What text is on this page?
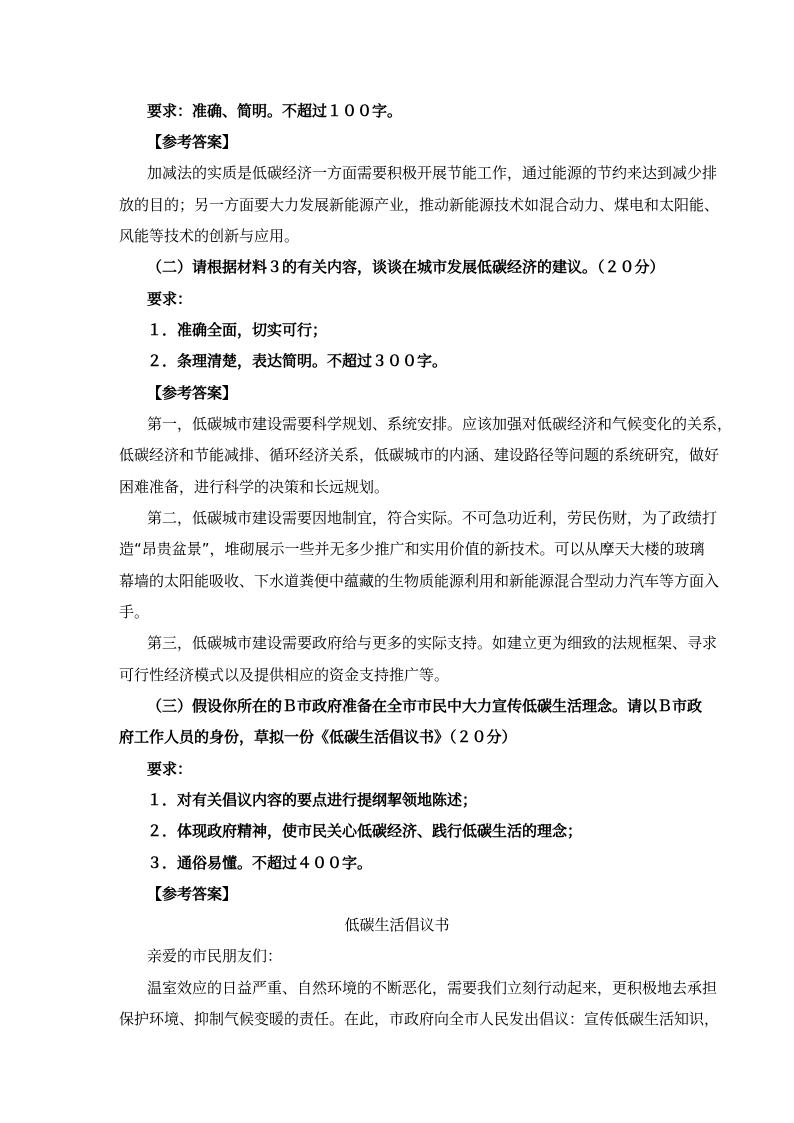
要求：准确、简明。不超过１００字。
【参考答案】
加减法的实质是低碳经济一方面需要积极开展节能工作，通过能源的节约来达到减少排
放的目的；另一方面要大力发展新能源产业，推动新能源技术如混合动力、煤电和太阳能、
风能等技术的创新与应用。
（二）请根据材料３的有关内容，谈谈在城市发展低碳经济的建议。（２０分）
要求：
１．准确全面，切实可行；
２．条理清楚，表达简明。不超过３００字。
【参考答案】
第一，低碳城市建设需要科学规划、系统安排。应该加强对低碳经济和气候变化的关系，
低碳经济和节能减排、循环经济关系，低碳城市的内涵、建设路径等问题的系统研究，做好
困难准备，进行科学的决策和长远规划。
第二，低碳城市建设需要因地制宜，符合实际。不可急功近利，劳民伤财，为了政绩打
造“昂贵盆景”，堆砌展示一些并无多少推广和实用价值的新技术。可以从摩天大楼的玻璃
幕墙的太阳能吸收、下水道粪便中蕴藏的生物质能源利用和新能源混合型动力汽车等方面入
手。
第三，低碳城市建设需要政府给与更多的实际支持。如建立更为细致的法规框架、寻求
可行性经济模式以及提供相应的资金支持推广等。
（三）假设你所在的Ｂ市政府准备在全市市民中大力宣传低碳生活理念。请以Ｂ市政
府工作人员的身份，草拟一份《低碳生活倡议书》（２０分）
要求：
１．对有关倡议内容的要点进行提纲挈领地陈述；
２．体现政府精神，使市民关心低碳经济、践行低碳生活的理念；
３．通俗易懂。不超过４００字。
【参考答案】
低碳生活倡议书
亲爱的市民朋友们：
温室效应的日益严重、自然环境的不断恶化，需要我们立刻行动起来，更积极地去承担
保护环境、抑制气候变暖的责任。在此，市政府向全市人民发出倡议：宣传低碳生活知识，
